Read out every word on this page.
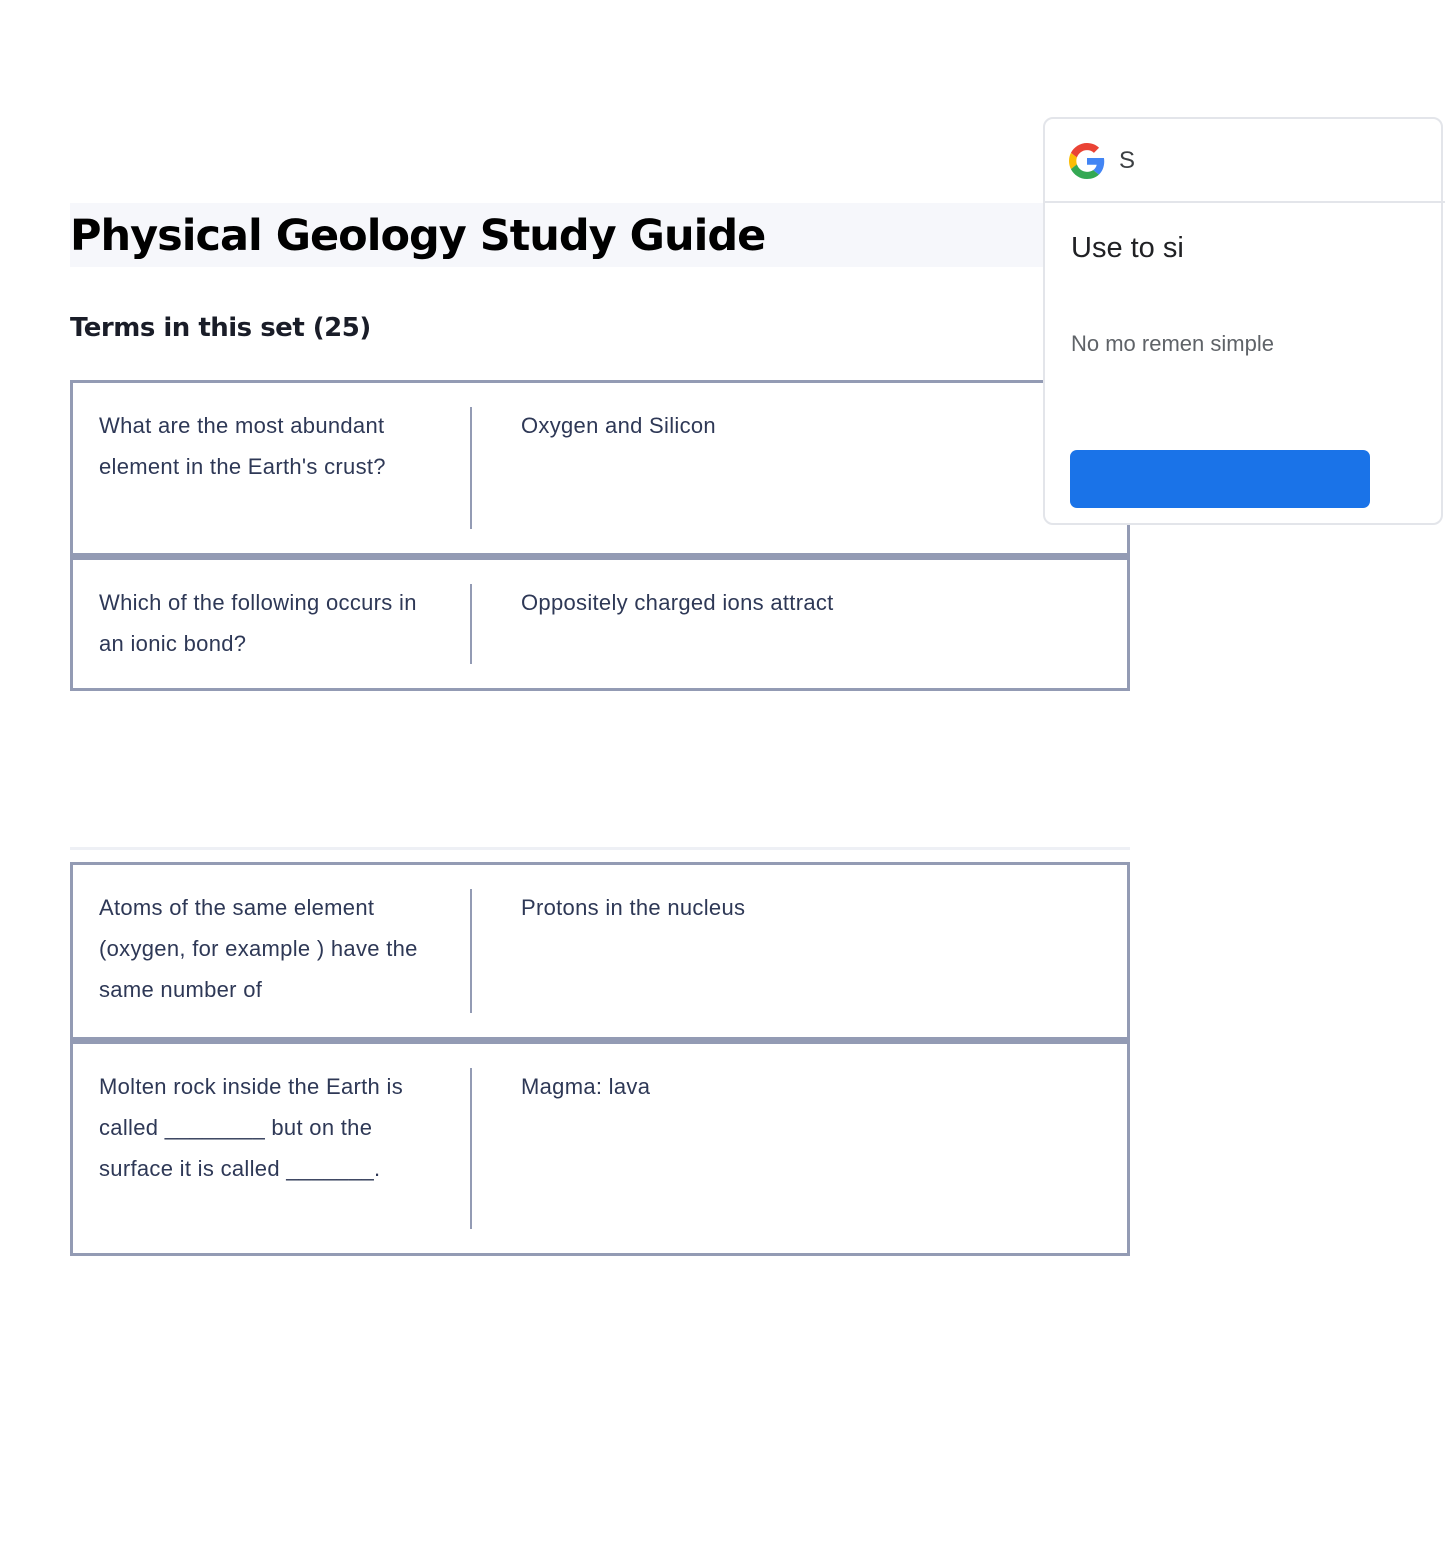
Physical Geology Study Guide
Terms in this set (25)
What are the most abundant element in the Earth's crust?
Oxygen and Silicon
Which of the following occurs in an ionic bond?
Oppositely charged ions attract
Atoms of the same element (oxygen, for example ) have the same number of
Protons in the nucleus
Molten rock inside the Earth is called ________ but on the surface it is called _______.
Magma: lava
S
Use to si
No mo remen simple
